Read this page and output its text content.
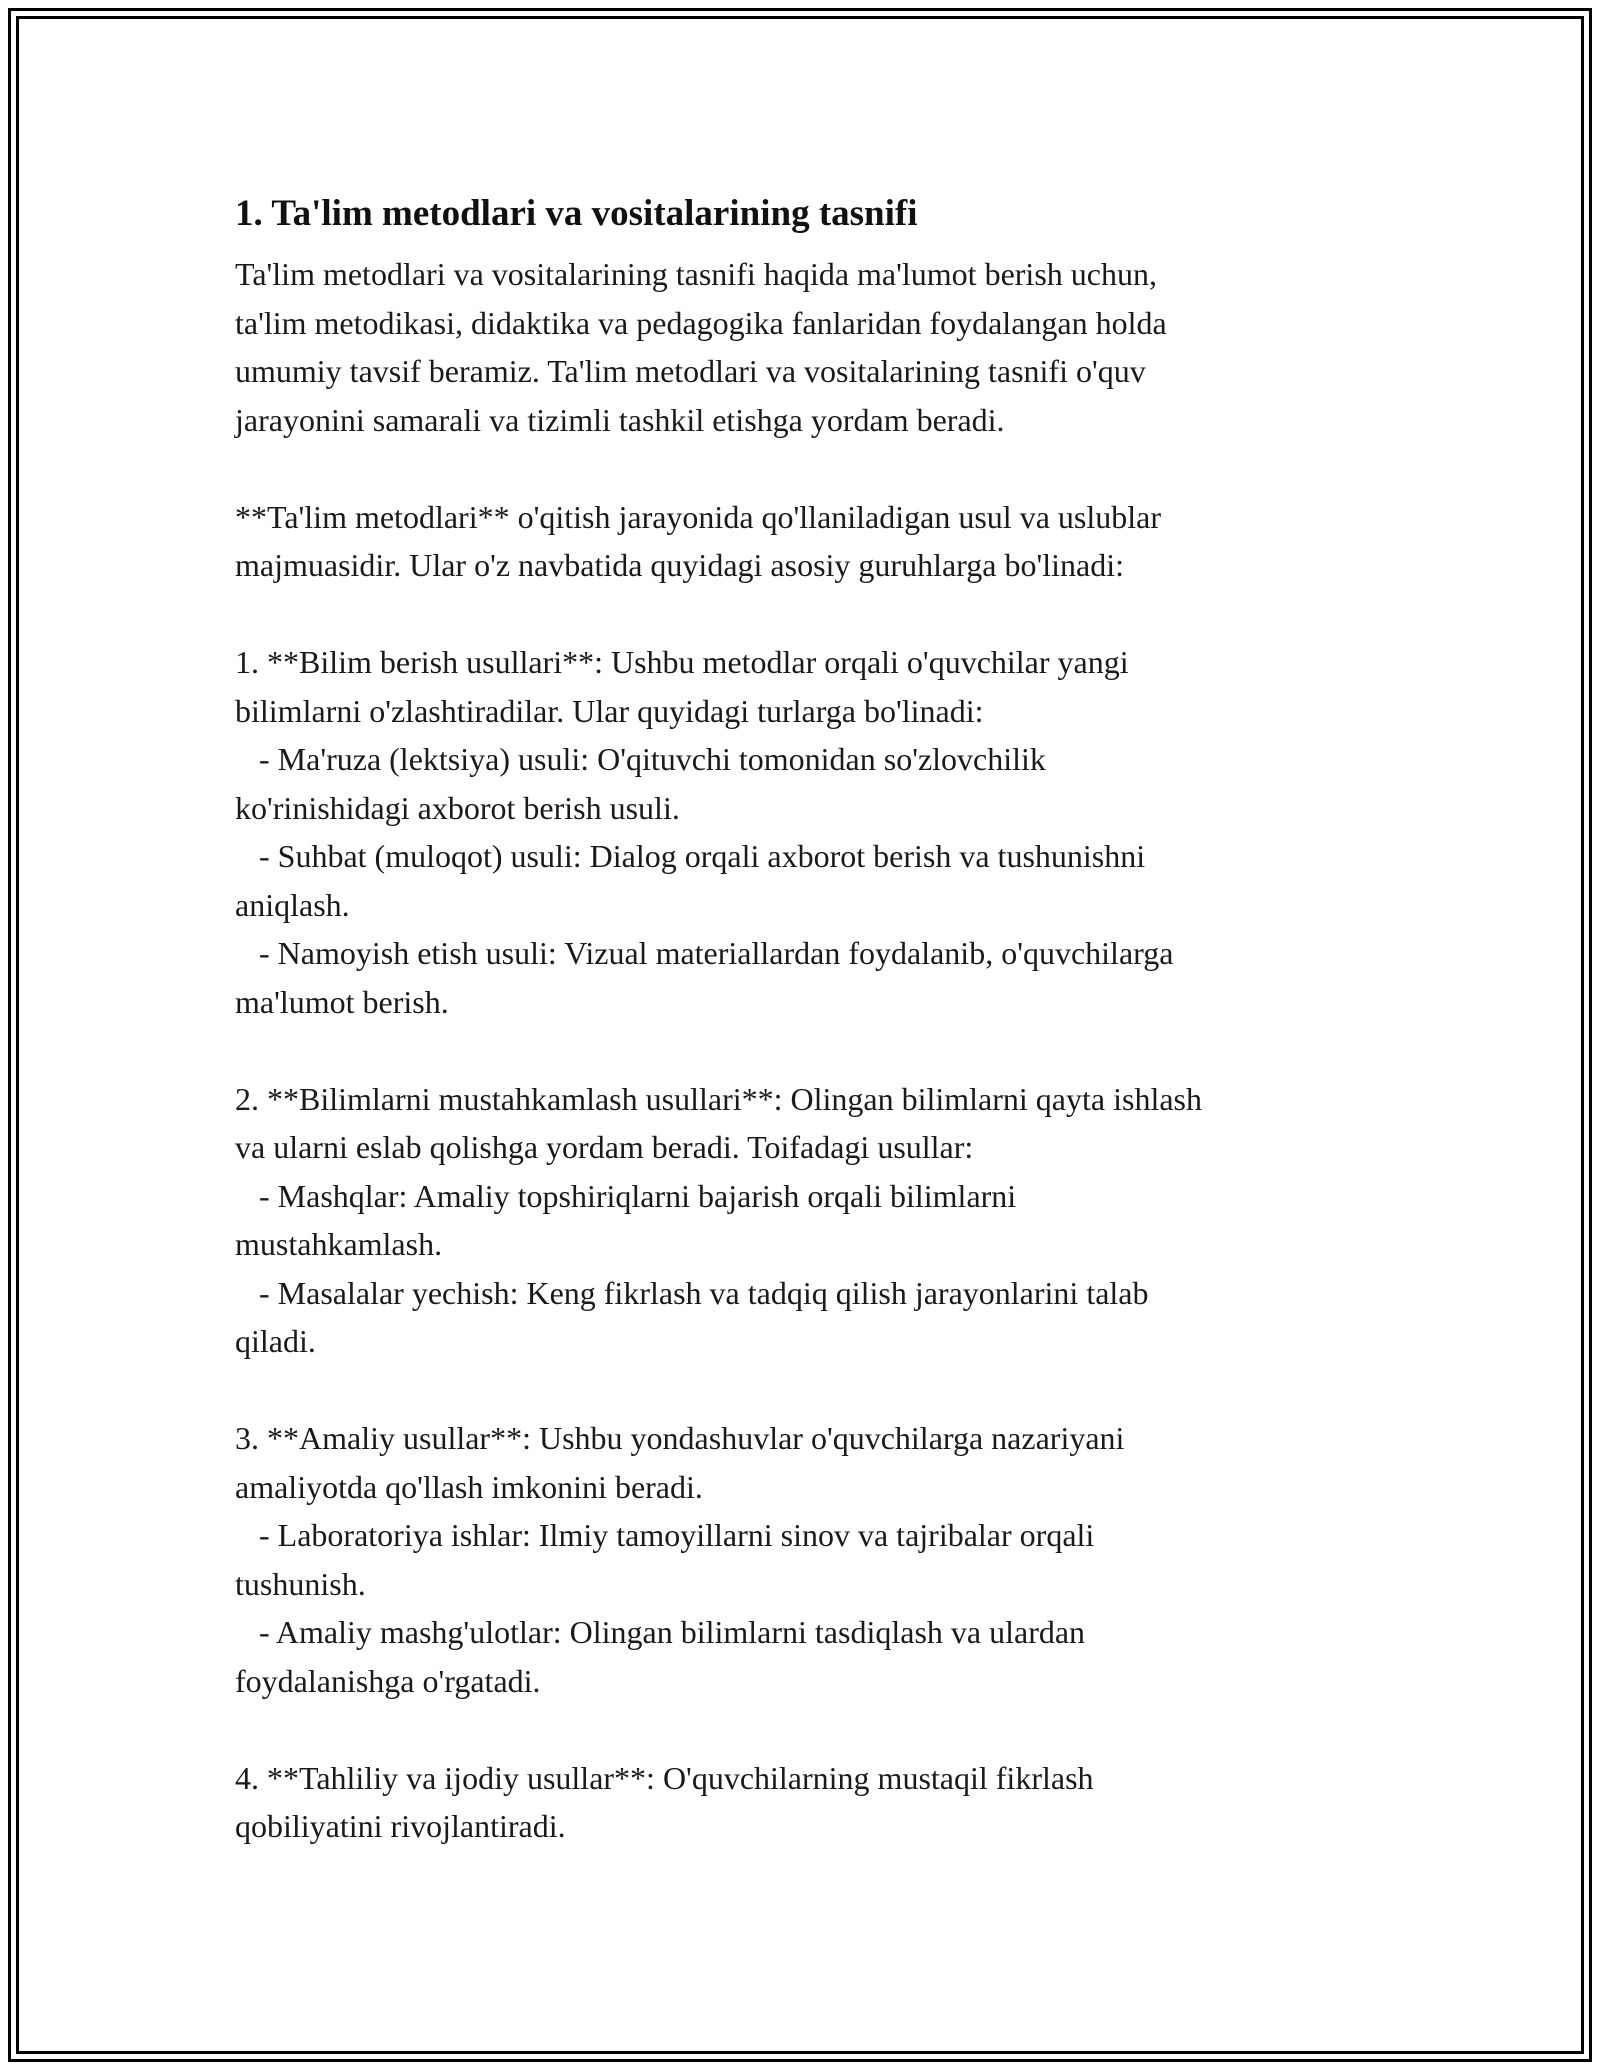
1. Ta'lim metodlari va vositalarining tasnifi

Ta'lim metodlari va vositalarining tasnifi haqida ma'lumot berish uchun,
ta'lim metodikasi, didaktika va pedagogika fanlaridan foydalangan holda
umumiy tavsif beramiz. Ta'lim metodlari va vositalarining tasnifi o'quv
jarayonini samarali va tizimli tashkil etishga yordam beradi.

**Ta'lim metodlari** o'qitish jarayonida qo'llaniladigan usul va uslublar
majmuasidir. Ular o'z navbatida quyidagi asosiy guruhlarga bo'linadi:

1. **Bilim berish usullari**: Ushbu metodlar orqali o'quvchilar yangi
bilimlarni o'zlashtiradilar. Ular quyidagi turlarga bo'linadi:
- Ma'ruza (lektsiya) usuli: O'qituvchi tomonidan so'zlovchilik
ko'rinishidagi axborot berish usuli.
- Suhbat (muloqot) usuli: Dialog orqali axborot berish va tushunishni
aniqlash.
- Namoyish etish usuli: Vizual materiallardan foydalanib, o'quvchilarga
ma'lumot berish.

2. **Bilimlarni mustahkamlash usullari**: Olingan bilimlarni qayta ishlash
va ularni eslab qolishga yordam beradi. Toifadagi usullar:
- Mashqlar: Amaliy topshiriqlarni bajarish orqali bilimlarni
mustahkamlash.
- Masalalar yechish: Keng fikrlash va tadqiq qilish jarayonlarini talab
qiladi.

3. **Amaliy usullar**: Ushbu yondashuvlar o'quvchilarga nazariyani
amaliyotda qo'llash imkonini beradi.
- Laboratoriya ishlar: Ilmiy tamoyillarni sinov va tajribalar orqali
tushunish.
- Amaliy mashg'ulotlar: Olingan bilimlarni tasdiqlash va ulardan
foydalanishga o'rgatadi.

4. **Tahliliy va ijodiy usullar**: O'quvchilarning mustaqil fikrlash
qobiliyatini rivojlantiradi.
